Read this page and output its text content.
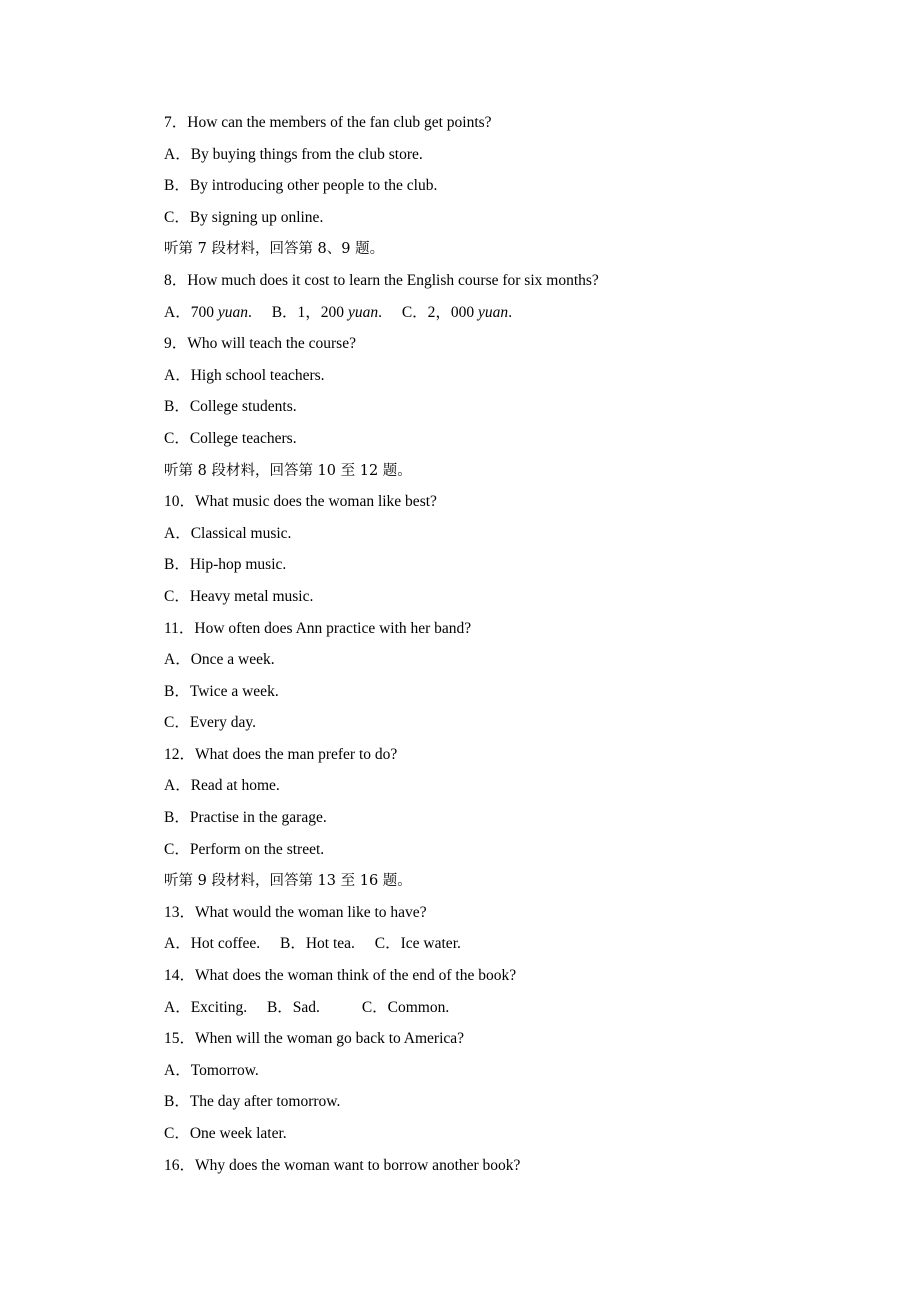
7．How can the members of the fan club get points?
A．By buying things from the club store.
B．By introducing other people to the club.
C．By signing up online.
听第 7 段材料，回答第 8、9 题。
8．How much does it cost to learn the English course for six months?
A．700 yuan. B．1，200 yuan. C．2，000 yuan.
9．Who will teach the course?
A．High school teachers.
B．College students.
C．College teachers.
听第 8 段材料，回答第 10 至 12 题。
10．What music does the woman like best?
A．Classical music.
B．Hip-hop music.
C．Heavy metal music.
11．How often does Ann practice with her band?
A．Once a week.
B．Twice a week.
C．Every day.
12．What does the man prefer to do?
A．Read at home.
B．Practise in the garage.
C．Perform on the street.
听第 9 段材料，回答第 13 至 16 题。
13．What would the woman like to have?
A．Hot coffee. B．Hot tea. C．Ice water.
14．What does the woman think of the end of the book?
A．Exciting. B．Sad.	C．Common.
15．When will the woman go back to America?
A．Tomorrow.
B．The day after tomorrow.
C．One week later.
16．Why does the woman want to borrow another book?
